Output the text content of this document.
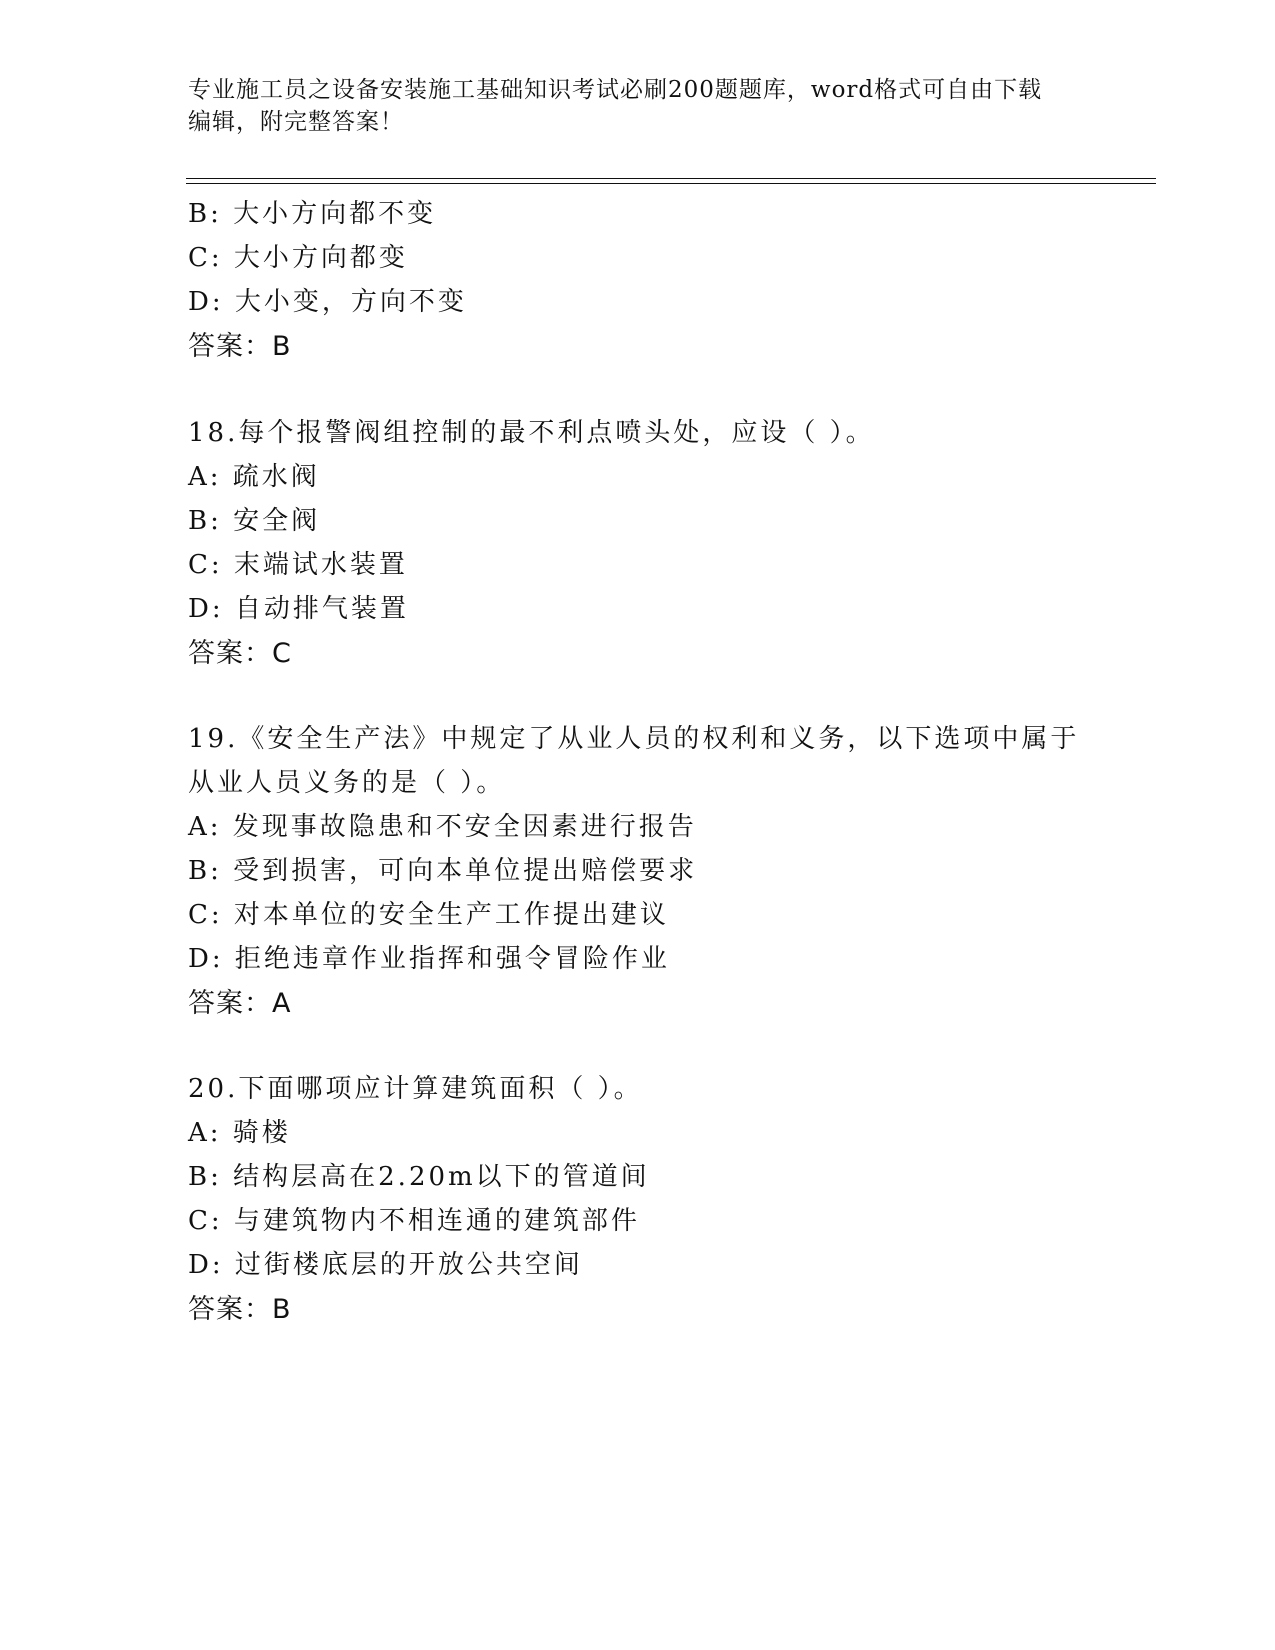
专业施工员之设备安装施工基础知识考试必刷200题题库，word格式可自由下载
编辑，附完整答案！
B: 大小方向都不变
C: 大小方向都变
D: 大小变，方向不变
答案：B
18.每个报警阀组控制的最不利点喷头处，应设（ ）。
A: 疏水阀
B: 安全阀
C: 末端试水装置
D: 自动排气装置
答案：C
19.《安全生产法》中规定了从业人员的权利和义务，以下选项中属于
从业人员义务的是（ ）。
A: 发现事故隐患和不安全因素进行报告
B: 受到损害，可向本单位提出赔偿要求
C: 对本单位的安全生产工作提出建议
D: 拒绝违章作业指挥和强令冒险作业
答案：A
20.下面哪项应计算建筑面积（ ）。
A: 骑楼
B: 结构层高在2.20m以下的管道间
C: 与建筑物内不相连通的建筑部件
D: 过街楼底层的开放公共空间
答案：B
